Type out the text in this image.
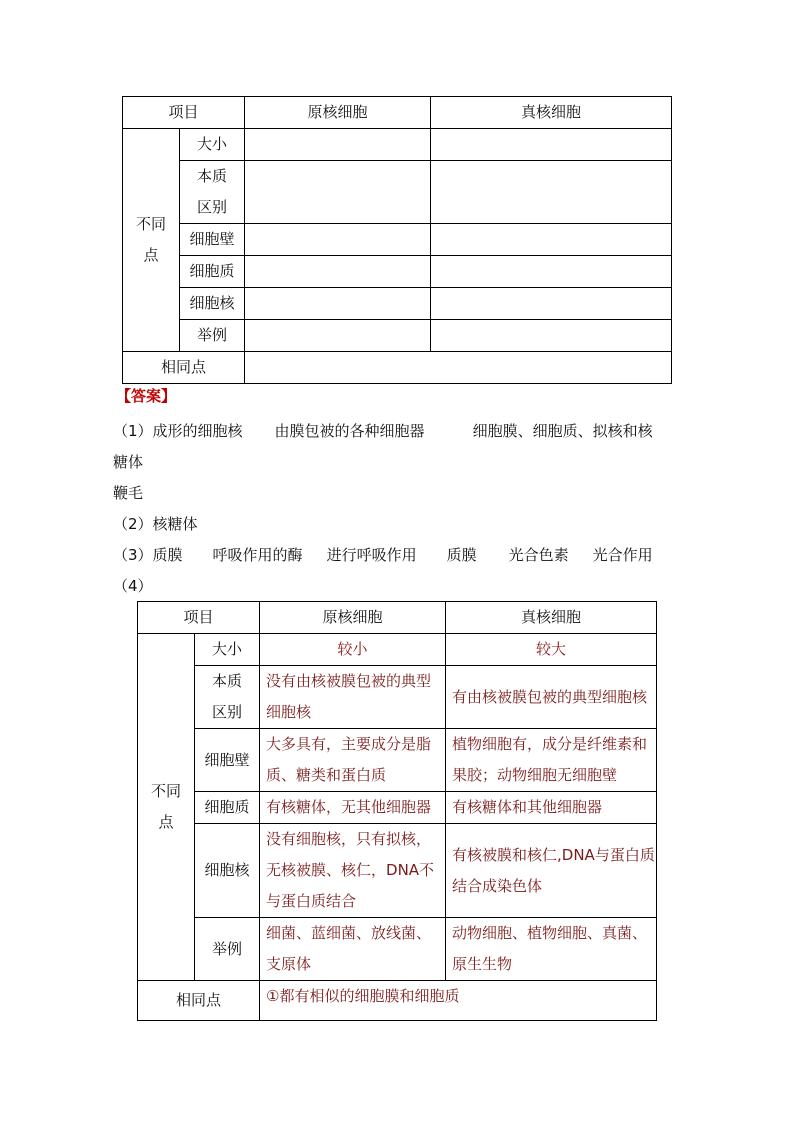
项目		原核细胞	真核细胞
不同点	大小		
	本质区别		
	细胞壁		
	细胞质		
	细胞核		
	举例		
相同点			
【答案】
（1）成形的细胞核 由膜包被的各种细胞器	细胞膜、细胞质、拟核和核
糖体
鞭毛
（2）核糖体
（3）质膜 呼吸作用的酶 进行呼吸作用 质膜 光合色素 光合作用
（4）
项目		原核细胞	真核细胞
不同点	大小	较小	较大
	本质区别	没有由核被膜包被的典型细胞核	有由核被膜包被的典型细胞核
	细胞壁	大多具有，主要成分是脂质、糖类和蛋白质	植物细胞有，成分是纤维素和果胶；动物细胞无细胞壁
	细胞质	有核糖体，无其他细胞器	有核糖体和其他细胞器
	细胞核	没有细胞核，只有拟核，无核被膜、核仁，DNA不与蛋白质结合	有核被膜和核仁,DNA与蛋白质结合成染色体
	举例	细菌、蓝细菌、放线菌、支原体	动物细胞、植物细胞、真菌、原生生物
相同点		①都有相似的细胞膜和细胞质	
